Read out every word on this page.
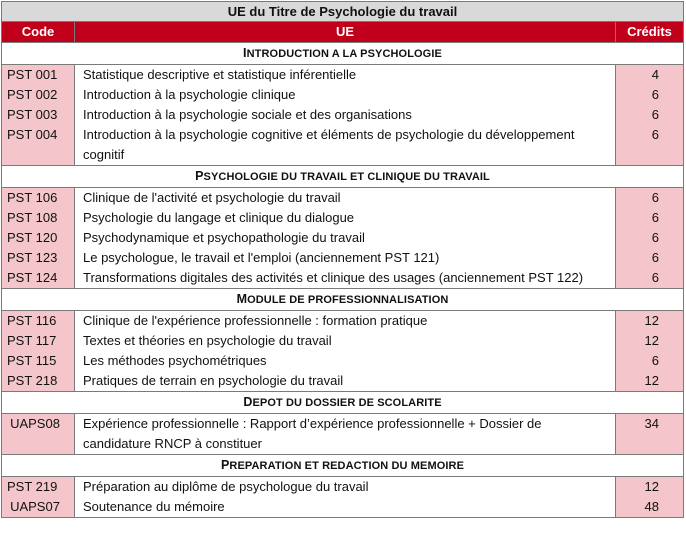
UE du Titre de Psychologie du travail		
Code	UE	Crédits
INTRODUCTION A LA PSYCHOLOGIE		
PST 001	Statistique descriptive et statistique inférentielle	4
PST 002	Introduction à la psychologie clinique	6
PST 003	Introduction à la psychologie sociale et des organisations	6
PST 004	Introduction à la psychologie cognitive et éléments de psychologie du développement cognitif	6
PSYCHOLOGIE DU TRAVAIL ET CLINIQUE DU TRAVAIL		
PST 106	Clinique de l'activité et psychologie du travail	6
PST 108	Psychologie du langage et clinique du dialogue	6
PST 120	Psychodynamique et psychopathologie du travail	6
PST 123	Le psychologue, le travail et l'emploi (anciennement PST 121)	6
PST 124	Transformations digitales des activités et clinique des usages (anciennement PST 122)	6
MODULE DE PROFESSIONNALISATION		
PST 116	Clinique de l'expérience professionnelle : formation pratique	12
PST 117	Textes et théories en psychologie du travail	12
PST 115	Les méthodes psychométriques	6
PST 218	Pratiques de terrain en psychologie du travail	12
DEPOT DU DOSSIER DE SCOLARITE		
UAPS08	Expérience professionnelle : Rapport d’expérience professionnelle + Dossier de candidature RNCP à constituer	34
PREPARATION ET REDACTION DU MEMOIRE		
PST 219	Préparation au diplôme de psychologue du travail	12
UAPS07	Soutenance du mémoire	48
